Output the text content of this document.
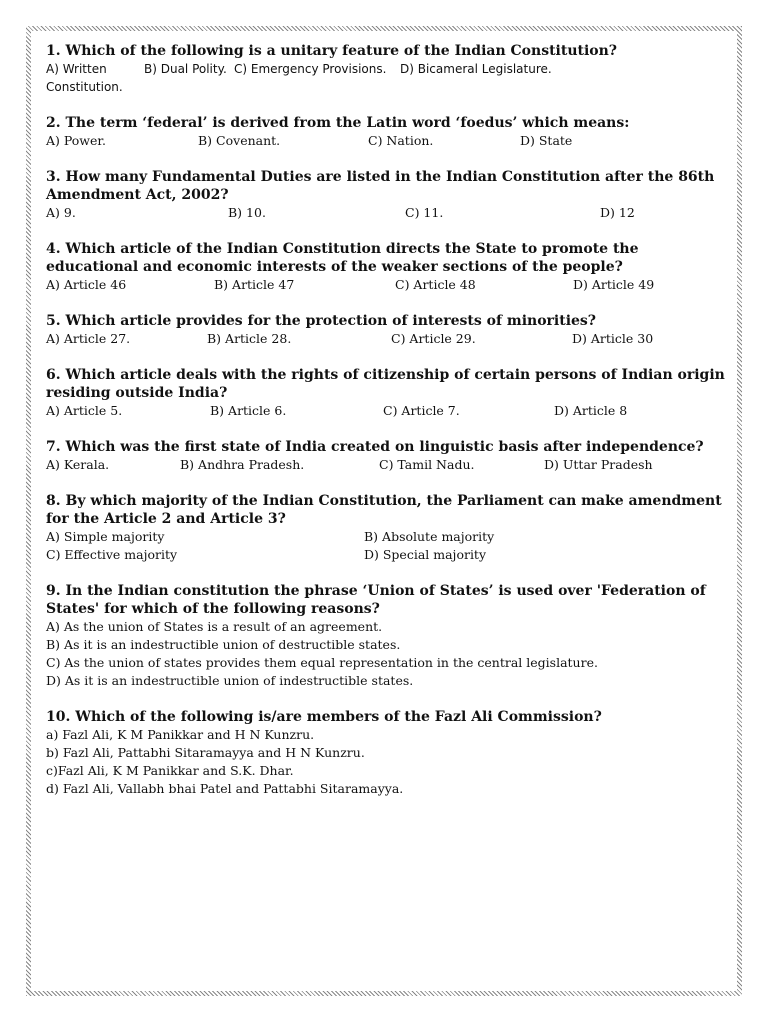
1. Which of the following is a unitary feature of the Indian Constitution?

A) Written Constitution.
B) Dual Polity. C) Emergency Provisions.	D) Bicameral Legislature.

2. The term ‘federal’ is derived from the Latin word ‘foedus’ which means:

A) Power.	B) Covenant.	C) Nation.	D) State

3. How many Fundamental Duties are listed in the Indian Constitution after the 86th Amendment Act, 2002?

A) 9.	B) 10.	C) 11.	D) 12

4. Which article of the Indian Constitution directs the State to promote the educational and economic interests of the weaker sections of the people?

A) Article 46	B) Article 47	C) Article 48	D) Article 49

5. Which article provides for the protection of interests of minorities?

A) Article 27.	B) Article 28.	C) Article 29.	D) Article 30

6. Which article deals with the rights of citizenship of certain persons of Indian origin residing outside India?

A) Article 5.	B) Article 6.	C) Article 7.	D) Article 8

7. Which was the first state of India created on linguistic basis after independence?

A) Kerala.	B) Andhra Pradesh.	C) Tamil Nadu.	D) Uttar Pradesh

8. By which majority of the Indian Constitution, the Parliament can make amendment for the Article 2 and Article 3?

A) Simple majority	B) Absolute majority
C) Effective majority	D) Special majority

9. In the Indian constitution the phrase ‘Union of States’ is used over 'Federation of States' for which of the following reasons?

A) As the union of States is a result of an agreement.
B) As it is an indestructible union of destructible states.
C) As the union of states provides them equal representation in the central legislature.
D) As it is an indestructible union of indestructible states.

10. Which of the following is/are members of the Fazl Ali Commission?

a) Fazl Ali, K M Panikkar and H N Kunzru.
b) Fazl Ali, Pattabhi Sitaramayya and H N Kunzru.
c)Fazl Ali, K M Panikkar and S.K. Dhar.
d) Fazl Ali, Vallabh bhai Patel and Pattabhi Sitaramayya.
